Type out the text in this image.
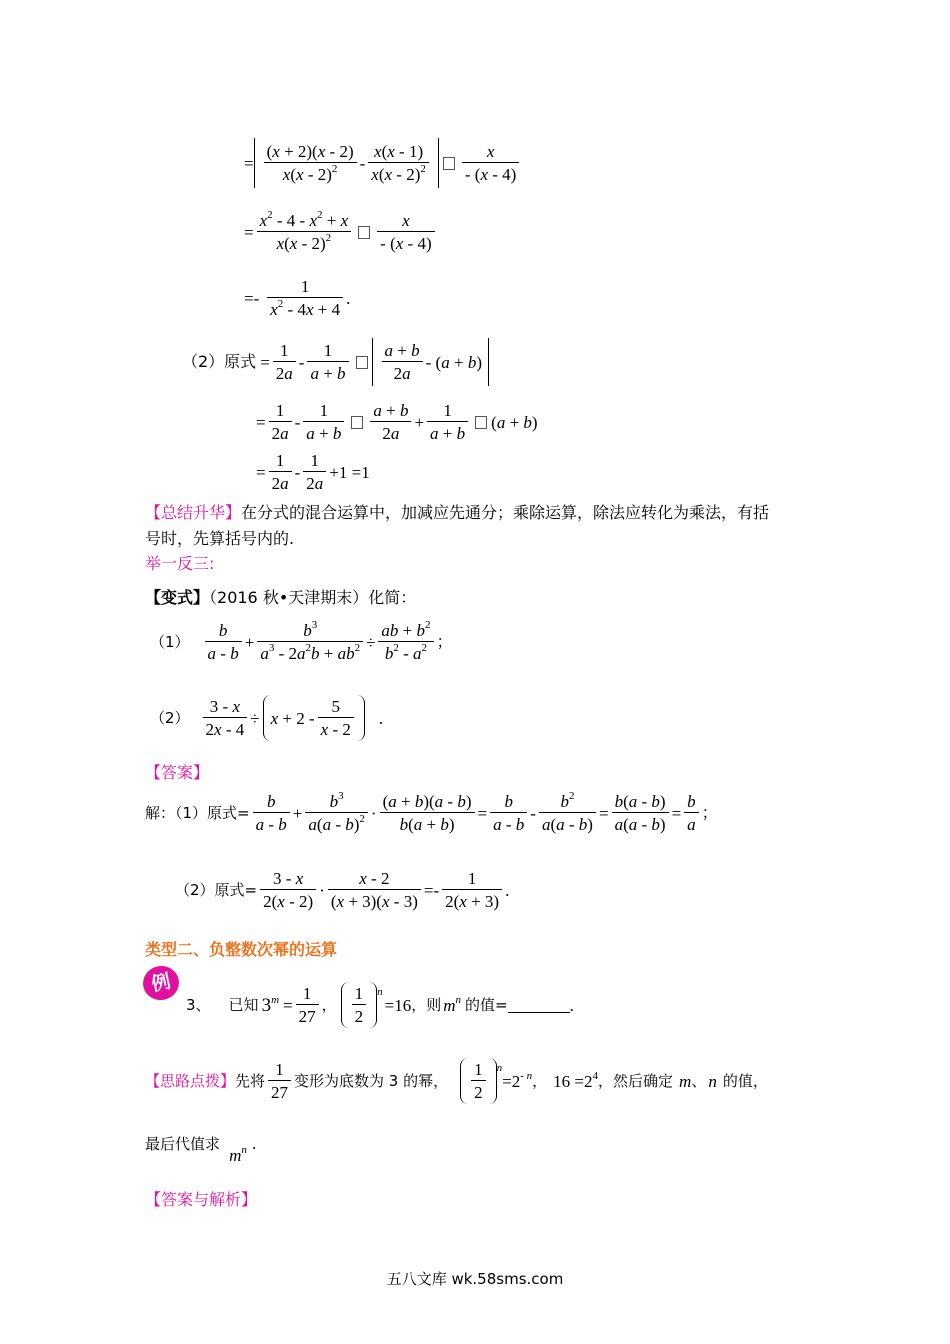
= $\frac{(x + 2)(x - 2)}{x(x - 2)^2} - \frac{x(x - 1)}{x(x - 2)^2} \frac{x}{- (x - 4)}$
= $\frac{x^2 - 4 - x^2 + x}{x(x - 2)^2} \frac{x}{- (x - 4)}$
=- $\frac{1}{x^2 - 4x + 4}$ .
（2）原式 = $\frac{1}{2a} - \frac{1}{a + b} \frac{a + b}{2a} - (a + b)$
= $\frac{1}{2a} - \frac{1}{a + b} \frac{a + b}{2a} + \frac{1}{a + b} (a + b)$
= $\frac{1}{2a} - \frac{1}{2a} +1 =1$
【总结升华】在分式的混合运算中，加减应先通分；乘除运算，除法应转化为乘法，有括
号时，先算括号内的.
举一反三:
【变式】（2016 秋•天津期末）化简：
$(1) \frac{b}{a - b} + \frac{b^3}{a^3 - 2a^2b + ab^2} \div \frac{ab + b^2}{b^2 - a^2}$ ；
$(2) \frac{3 - x}{2x - 4} \div x + 2 - \frac{5}{x - 2}$ .
【答案】
解：（1）原式= $\frac{b}{a - b} + \frac{b^3}{a(a - b)^2} \cdot \frac{(a + b)(a - b)}{b(a + b)} = \frac{b}{a - b} - \frac{b^2}{a(a - b)} = \frac{b(a - b)}{a(a - b)} = \frac{b}{a}$ ；
（2）原式= $\frac{3 - x}{2(x - 2)} \cdot \frac{x - 2}{(x + 3)(x - 3)} =- \frac{1}{2(x + 3)}$ .
类型二、负整数次幂的运算
例
3、 已知 $3^m = \frac{1}{27}$ ， $\frac{1}{2} ^n$
=16 ，则 $m^n$ 的值=	.
【思路点拨】 先将 $\frac{1}{27}$ 变形为底数为 3 的幂， $\frac{1}{2} ^n$
$=2^{- n}$ ， $16 =2^4$ ， 然后确定 m 、 n 的值，
最后代值求 $m^n$ .
【答案与解析】
五八文库 wk.58sms.com
